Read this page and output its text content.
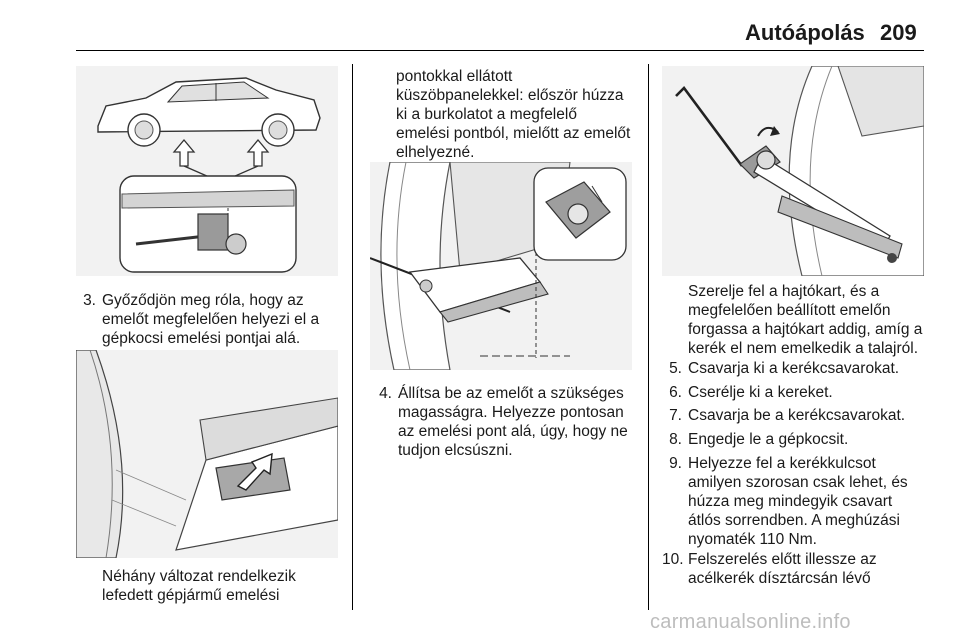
Autóápolás 209
3. Győződjön meg róla, hogy az
emelőt megfelelően helyezi el a
gépkocsi emelési pontjai alá.
Néhány változat rendelkezik
lefedett gépjármű emelési
pontokkal ellátott
küszöbpanelekkel: először húzza
ki a burkolatot a megfelelő
emelési pontból, mielőtt az emelőt
elhelyezné.
4. Állítsa be az emelőt a szükséges
magasságra. Helyezze pontosan
az emelési pont alá, úgy, hogy ne
tudjon elcsúszni.
Szerelje fel a hajtókart, és a
megfelelően beállított emelőn
forgassa a hajtókart addig, amíg a
kerék el nem emelkedik a talajról.
5. Csavarja ki a kerékcsavarokat.
6. Cserélje ki a kereket.
7. Csavarja be a kerékcsavarokat.
8. Engedje le a gépkocsit.
9. Helyezze fel a kerékkulcsot
amilyen szorosan csak lehet, és
húzza meg mindegyik csavart
átlós sorrendben. A meghúzási
nyomaték 110 Nm.
10. Felszerelés előtt illessze az
acélkerék dísztárcsán lévő
carmanualsonline.info
